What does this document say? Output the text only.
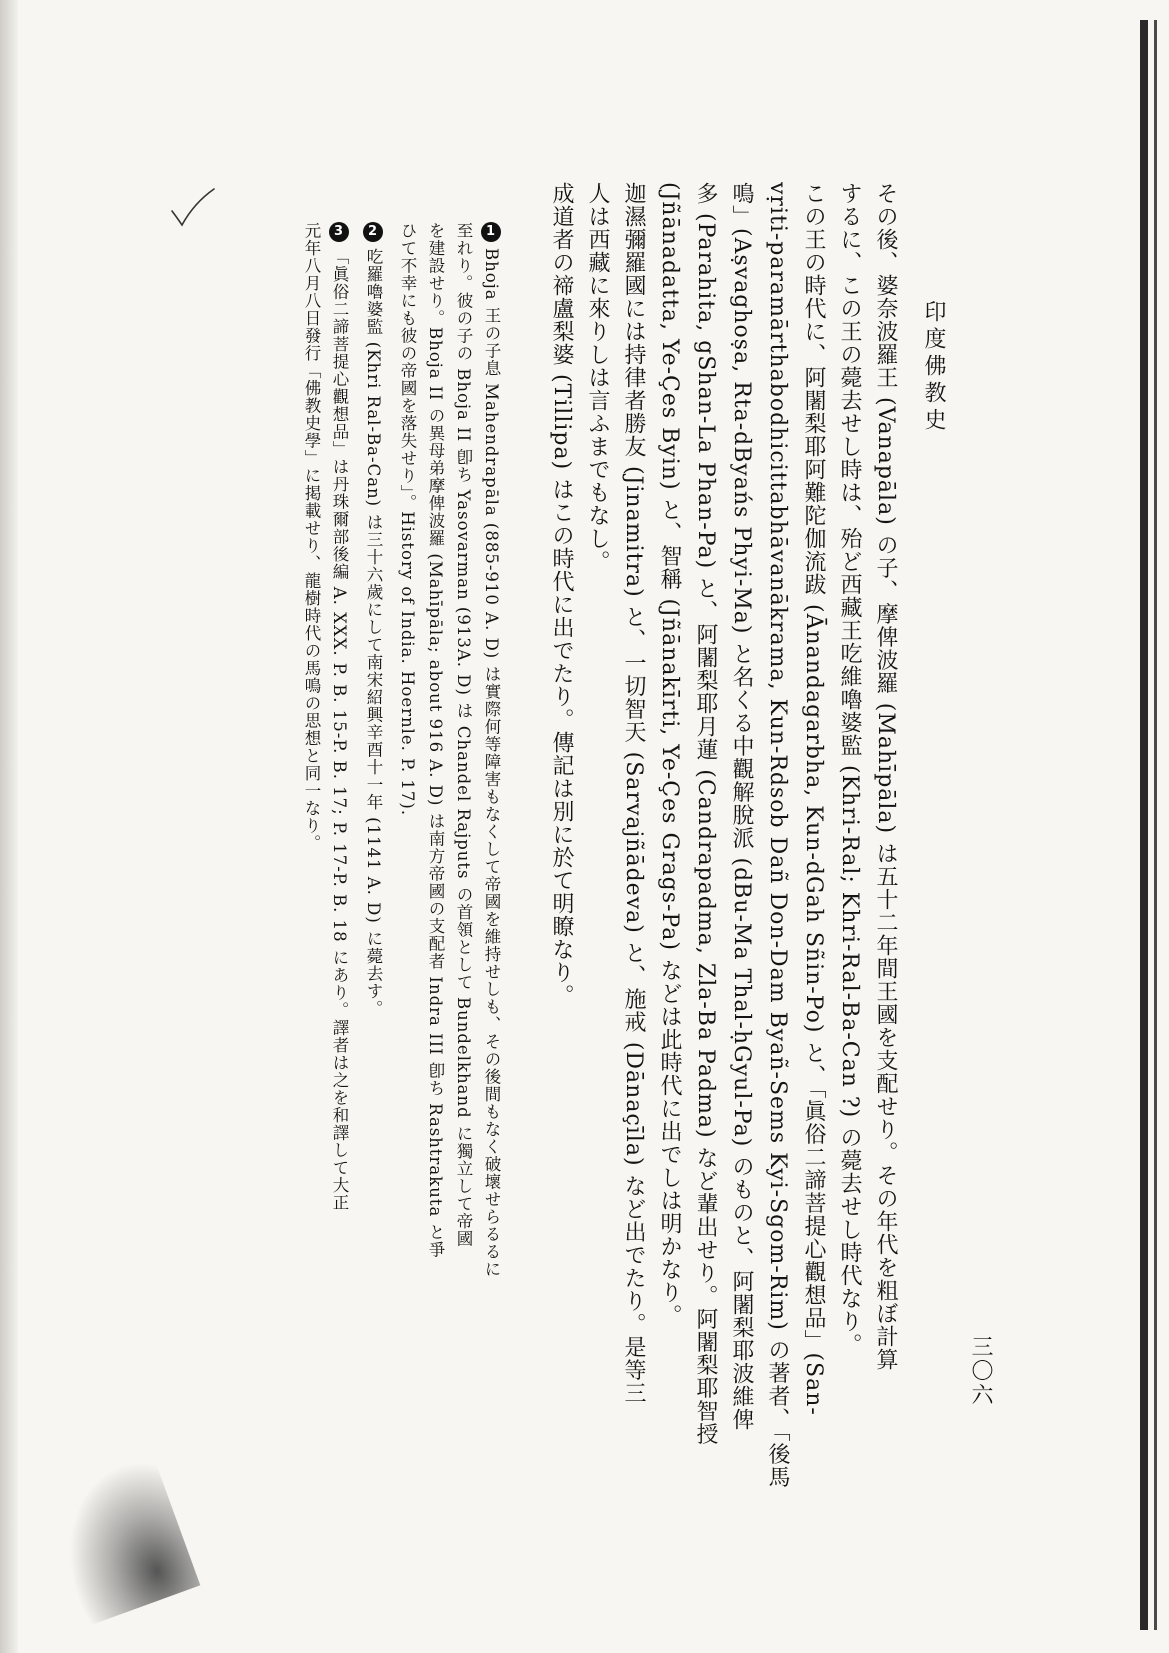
三〇六
印度佛教史
その後、婆奈波羅王 (Vanapāla) の子、摩俾波羅 (Mahīpāla) は五十二年間王國を支配せり。その年代を粗ぼ計算
するに、この王の薨去せし時は、殆ど西藏王吃維嚕婆監 (Khri-Ral; Khri-Ral-Ba-Can ?) の薨去せし時代なり。
この王の時代に、阿闍梨耶阿難陀伽流跋 (Ānandagarbha, Kun-dGah Sñin-Po) と、「眞俗二諦菩提心觀想品」(San-
vṛiti-paramārthabodhicittabhāvanākrama, Kun-Rdsob Dañ Don-Dam Byañ-Sems Kyi-Sgom-Rim) の著者、「後馬
鳴」(Aṣvaghoṣa, Rta-dByańs Phyi-Ma) と名くる中觀解脫派 (dBu-Ma Thal-ḥGyul-Pa) のものと、阿闍梨耶波維俾
多 (Parahita, gShan-La Phan-Pa) と、阿闍梨耶月蓮 (Candrapadma, Zla-Ba Padma) など輩出せり。阿闍梨耶智授
(Jñānadatta, Ye-Çes Byin) と、智稱 (Jñānakīrti, Ye-Çes Grags-Pa) などは此時代に出でしは明かなり。
迦濕彌羅國には持律者勝友 (Jinamitra) と、一切智天 (Sarvajñādeva) と、施戒 (Dānaçīla) など出でたり。是等三
人は西藏に來りしは言ふまでもなし。
成道者の禘盧梨婆 (Tillipa) はこの時代に出でたり。傳記は別に於て明瞭なり。
1Bhoja 王の子息 Mahendrapāla (885-910 A. D) は實際何等障害もなくして帝國を維持せしも、その後間もなく破壞せらるるに
至れり。彼の子の Bhoja II 卽ち Yasovarman (913A. D) は Chandel Rajputs の首領として Bundelkhand に獨立して帝國
を建設せり。Bhoja II の異母弟摩俾波羅 (Mahīpāla; about 916 A. D) は南方帝國の支配者 Indra III 卽ち Rashtrakuta と爭
ひて不幸にも彼の帝國を落失せり」。History of India. Hoernle. P. 17).
2吃羅嚕婆監 (Khri Ral-Ba-Can) は三十六歲にして南宋紹興辛酉十一年 (1141 A. D) に薨去す。
3「眞俗二諦菩提心觀想品」は丹珠爾部後編 A. XXX. P. B. 15-P. B. 17; P. 17-P. B. 18 にあり。譯者は之を和譯して大正
元年八月八日發行「佛教史學」に掲載せり、龍樹時代の馬鳴の思想と同一なり。
